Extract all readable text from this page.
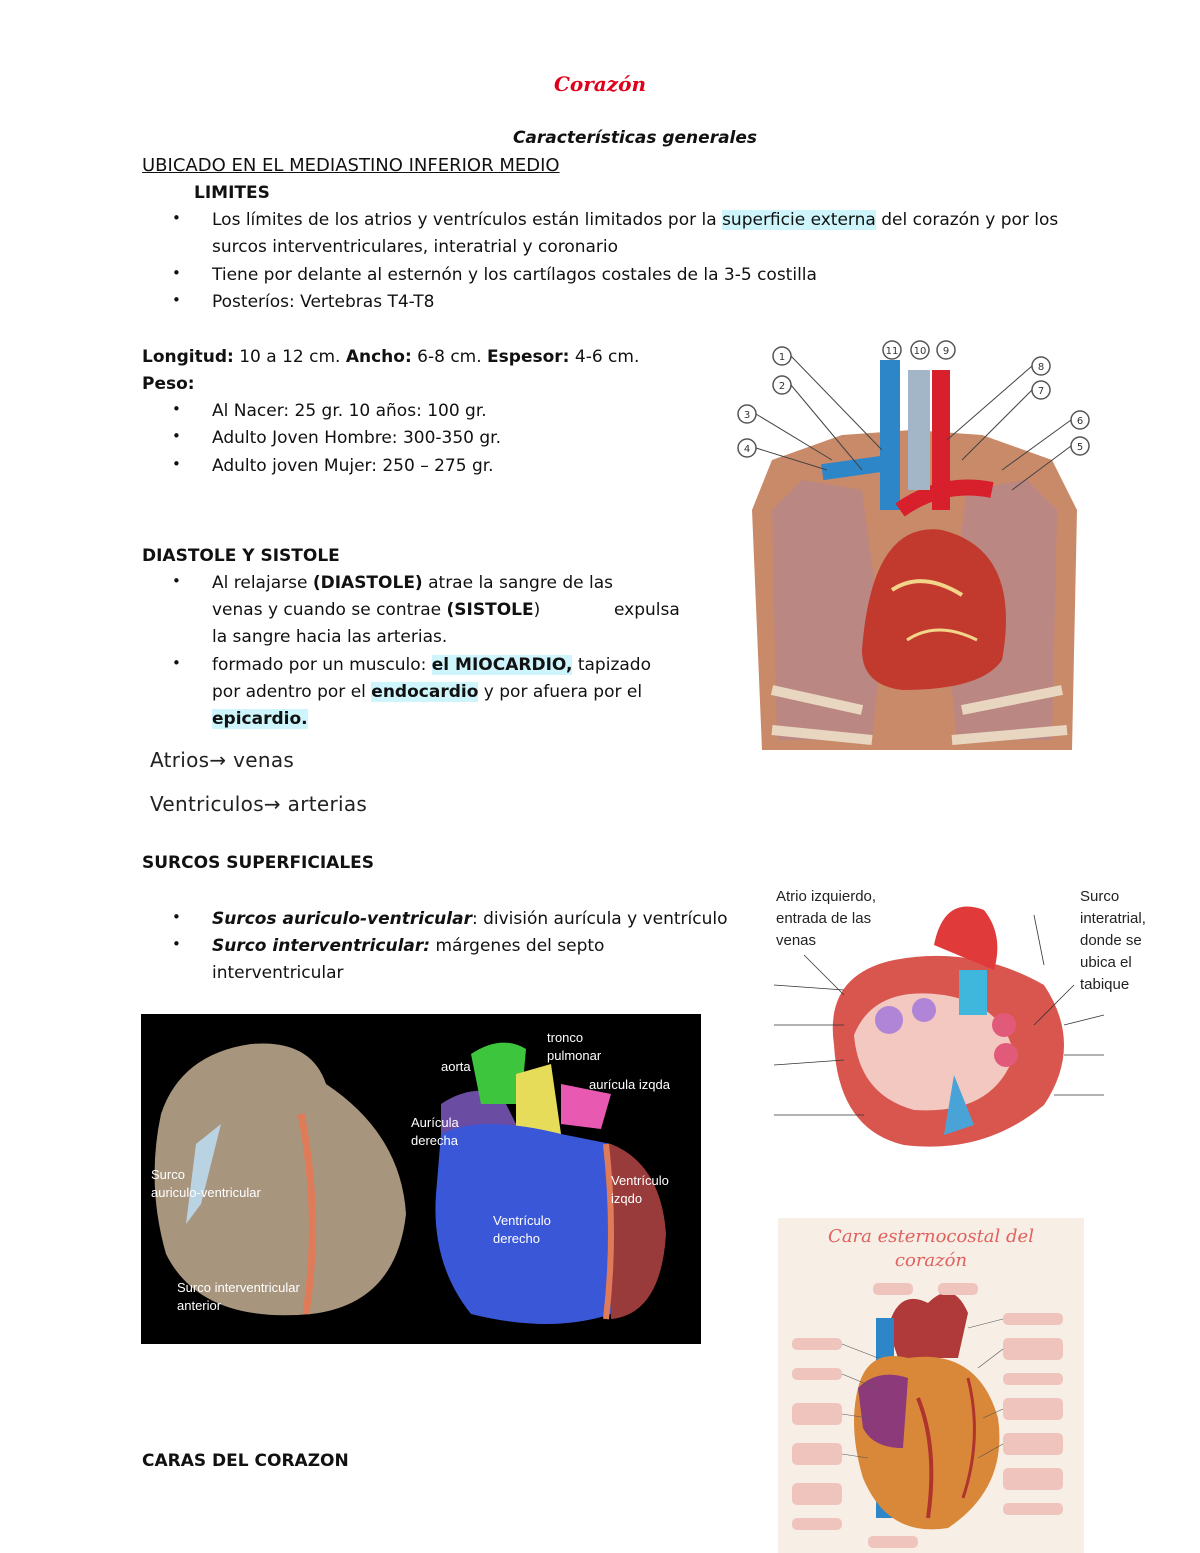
Corazón
Características generales
UBICADO EN EL MEDIASTINO INFERIOR MEDIO
LIMITES
• Los límites de los atrios y ventrículos están limitados por la superficie externa del corazón y por los
surcos interventriculares, interatrial y coronario
• Tiene por delante al esternón y los cartílagos costales de la 3-5 costilla
• Posteríos: Vertebras T4-T8
Longitud: 10 a 12 cm. Ancho: 6-8 cm. Espesor: 4-6 cm.
Peso:
• Al Nacer: 25 gr. 10 años: 100 gr.
• Adulto Joven Hombre: 300-350 gr.
• Adulto joven Mujer: 250 – 275 gr.
DIASTOLE Y SISTOLE
• Al relajarse (DIASTOLE) atrae la sangre de las
venas y cuando se contrae (SISTOLE)	expulsa
la sangre hacia las arterias.
• formado por un musculo: el MIOCARDIO, tapizado
por adentro por el endocardio y por afuera por el
epicardio.
Atrios→ venas
Ventriculos→ arterias
SURCOS SUPERFICIALES
• Surcos auriculo-ventricular: división aurícula y ventrículo
• Surco interventricular: márgenes del septo
interventricular
CARAS DEL CORAZON
1
2
3
4
11 10 9
8
7
6
5
Atrio izquierdo,
entrada de las
venas
Surco
interatrial,
donde se
ubica el
tabique
tronco
pulmonar
aorta
aurícula izqda
Aurícula
derecha
Surco
auriculo-ventricular
Ventrículo
izqdo
Ventrículo
derecho
Surco interventricular
anterior
Cara esternocostal del
corazón
